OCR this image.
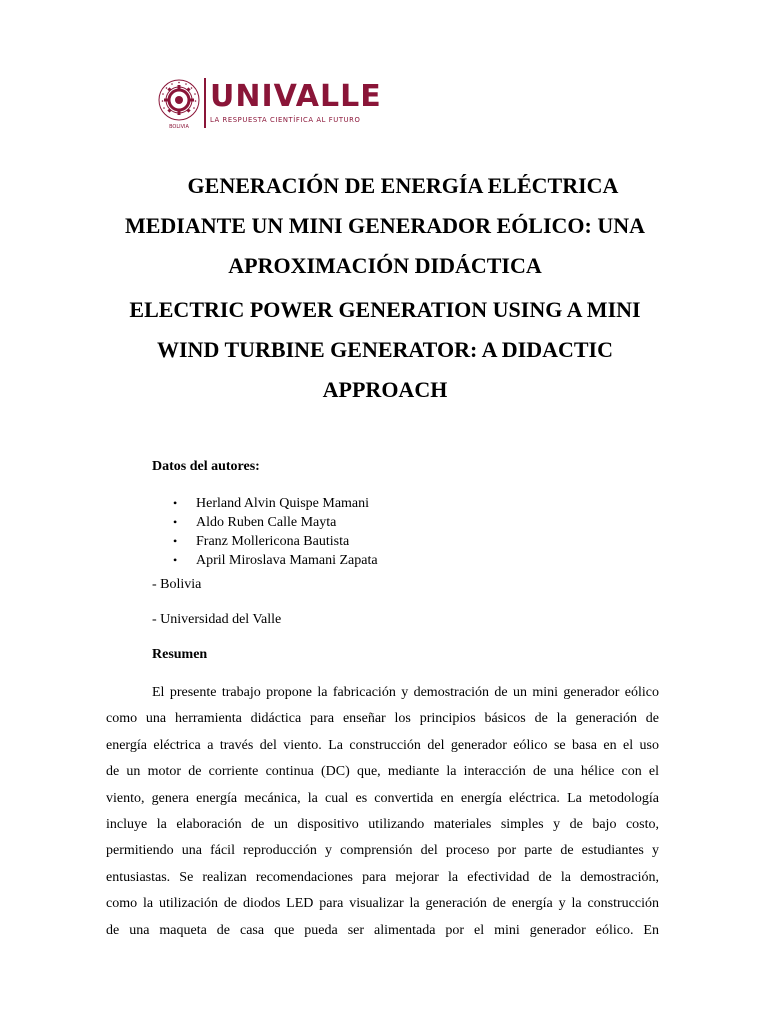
BOLIVIA
UNIVALLE
LA RESPUESTA CIENTÍFICA AL FUTURO
GENERACIÓN DE ENERGÍA ELÉCTRICA
MEDIANTE UN MINI GENERADOR EÓLICO: UNA
APROXIMACIÓN DIDÁCTICA
ELECTRIC POWER GENERATION USING A MINI
WIND TURBINE GENERATOR: A DIDACTIC
APPROACH
Datos del autores:
• Herland Alvin Quispe Mamani
• Aldo Ruben Calle Mayta
• Franz Mollericona Bautista
• April Miroslava Mamani Zapata
- Bolivia
- Universidad del Valle
Resumen
El presente trabajo propone la fabricación y demostración de un mini generador eólico
como una herramienta didáctica para enseñar los principios básicos de la generación de
energía eléctrica a través del viento. La construcción del generador eólico se basa en el uso
de un motor de corriente continua (DC) que, mediante la interacción de una hélice con el
viento, genera energía mecánica, la cual es convertida en energía eléctrica. La metodología
incluye la elaboración de un dispositivo utilizando materiales simples y de bajo costo,
permitiendo una fácil reproducción y comprensión del proceso por parte de estudiantes y
entusiastas. Se realizan recomendaciones para mejorar la efectividad de la demostración,
como la utilización de diodos LED para visualizar la generación de energía y la construcción
de una maqueta de casa que pueda ser alimentada por el mini generador eólico. En
